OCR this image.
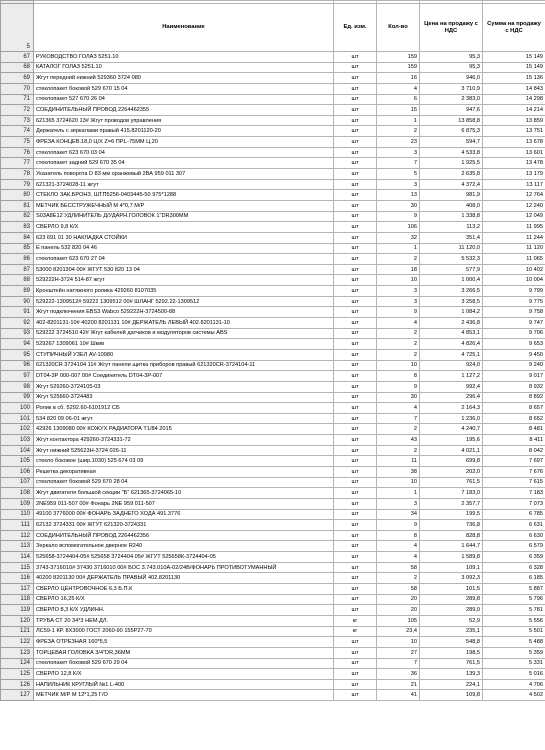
5	Наименование	Ед. изм.	Кол-во	Цена на продажу с НДС	Сумма на продажу с НДС
67	РУКОВОДСТВО ГОЛАЗ 5251.10	шт	159	95,3	15 149
68	КАТАЛОГ ГОЛАЗ 5251.10	шт	159	95,3	15 149
69	Жгут передний нижний 529360 3724 080	шт	16	946,0	15 136
70	стеклопакет боковой 529 670 15 04	шт	4	3 710,9	14 843
71	стеклопакет 527 670 26 04	шт	6	2 383,0	14 298
72	СОЕДИНИТЕЛЬНЫЙ ПРОВОД 2264462355	шт	15	947,6	14 214
73	621365 3724620 13# Жгут проводов управления	шт	1	13 858,8	13 859
74	Держатель с зеркалами правый 415.8201120-20	шт	2	6 875,3	13 751
75	ФРЕЗА КОНЦЕВ.18,0 Ц/Х Z=6 ПР.L-75ММ Ц.20	шт	23	594,7	13 678
76	стеклопакет 623 670 03 04	шт	3	4 533,8	13 601
77	стеклопакет задний 529 670 35 04	шт	7	1 925,5	13 478
78	Указатель поворота D 83 мм оранжевый 2ВА 959 011 307	шт	5	2 635,8	13 179
79	621321-3724028-11 жгут	шт	3	4 372,4	13 117
80	СТЕКЛО ЗАК.БРОНЗ. ШТП5256-0403445-50 975*1288	шт	13	981,9	12 764
81	МЕТЧИК БЕССТРУЖЕЧНЫЙ М 4*0,7 М/Р	шт	30	408,0	12 240
82	S03А8Е12 УДЛИНИТЕЛЬ Д/УДАРН.ГОЛОВОК 1"DR300ММ	шт	9	1 338,8	12 049
83	СВЕРЛО 9,8 К/Х	шт	106	113,2	11 995
84	623 691 01 30 НАКЛАДКА СТОЙКИ	шт	32	351,4	11 244
85	Е панель 532 820 04 46	шт	1	11 120,0	11 120
86	стеклопакет 623 670 27 04	шт	2	5 532,3	11 065
87	53000 8201304 00# ЖГУТ 530 820 13 04	шт	18	577,9	10 402
88	529222Н-3724 514-87 жгут	шт	10	1 000,4	10 004
89	Кронштейн натяжного ролика 429260 8107035	шт	3	3 266,5	9 799
90	529222-1309512# 59222 1309512 00# ШЛАНГ 5292.22-1309512	шт	3	3 258,5	9 775
91	Жгут подключения EBS3 Wabco 529222Н-3724500-88	шт	9	1 084,2	9 758
92	402-8201131-10# 40200 8201131 10# ДЕРЖАТЕЛЬ ЛЕВЫЙ 402.8201131-10	шт	4	2 436,8	9 747
93	529222 3724510 42# Жгут кабелей датчиков и модуляторов системы ABS	шт	2	4 853,1	9 706
94	529267 1309061 10# Шкив	шт	2	4 826,4	9 653
95	СТУПИЧНЫЙ УЗЕЛ AV-10980	шт	2	4 725,1	9 450
96	621320CR 3724104 11# Жгут панели щитка приборов правый 621320CR-3724104-11	шт	10	924,0	9 240
97	DT04-3P 000-007 00# Соединитель DT04-3P-007	шт	8	1 127,2	9 017
98	Жгут 529260-3724105-03	шт	9	992,4	8 932
99	Жгут 525660-3724483	шт	30	296,4	8 892
100	Ролик в сб. 5292.60-6101912 СБ	шт	4	2 164,3	8 657
101	534 820 09 06-01 жгут	шт	7	1 236,0	8 652
102	42926 1309080 00# КОЖУХ РАДИАТОРА Т1/84 2015	шт	2	4 240,7	8 481
103	Жгут контактора 429260-3724331-72	шт	43	195,6	8 411
104	Жгут нижний 525623Н-3724 026-11	шт	2	4 021,1	8 042
105	стекло боковое (шир.1030) 525 674 03 09	шт	11	699,8	7 697
106	Решетка декоративная	шт	38	202,0	7 676
107	стеклопакет боковой 529 670 28 04	шт	10	761,5	7 615
108	Жгут двигателя большой секции "Б" 621365-3724065-10	шт	1	7 183,0	7 183
109	2NE959 011-507 00# Фонарь 2NE 959 011-507	шт	3	2 357,7	7 073
110	49100 3776000 00# ФОНАРЬ ЗАДНЕГО ХОДА 491.3776	шт	34	199,5	6 785
111	62132 3724331 00# ЖГУТ 621320-3724331	шт	9	736,8	6 631
112	СОЕДИНИТЕЛЬНЫЙ ПРОВОД 2264462356	шт	8	828,8	6 630
113	Зеркало вспомогательное дверное R240	шт	4	1 644,7	6 579
114	525658-3724404-05# 525658 3724404 05# ЖГУТ 525658К-3724404-05	шт	4	1 589,8	6 359
115	3743-3716010# 37430 3716010 00# БОС 3.743.010А-02/24В/ФОНАРЬ ПРОТИВОТУМАННЫЙ	шт	58	109,1	6 328
116	40200 8201130 00# ДЕРЖАТЕЛЬ ПРАВЫЙ 402.8201130	шт	2	3 092,3	6 185
117	СВЕРЛО ЦЕНТРОВОЧНОЕ 6,3 Б.П.К	шт	58	101,5	5 887
118	СВЕРЛО 16,25 К/Х	шт	20	289,8	5 796
119	СВЕРЛО 8,3 К/Х УДЛИНН.	шт	20	289,0	5 781
120	ТРУБА СТ 20 34*3 НЕМ.ДЛ.	кг	105	52,9	5 556
121	ЛС59-1 КР. 8Х3000 ГОСТ 2060-90 155Р27-70	кг	23,4	235,1	5 501
122	ФРЕЗА ОТРЕЗНАЯ 160*5,5	шт	10	548,8	5 488
123	ТОРЦЕВАЯ ГОЛОВКА 3/4"DR,36ММ	шт	27	198,5	5 359
124	стеклопакет боковой 529 670 29 04	шт	7	761,5	5 331
125	СВЕРЛО 12,8 К/Х	шт	36	139,3	5 016
126	НАПИЛЬНИК КРУГЛЫЙ №1 L-400	шт	21	224,1	4 706
127	МЕТЧИК М/Р М 12*1,25 Г/О	шт	41	109,8	4 502
